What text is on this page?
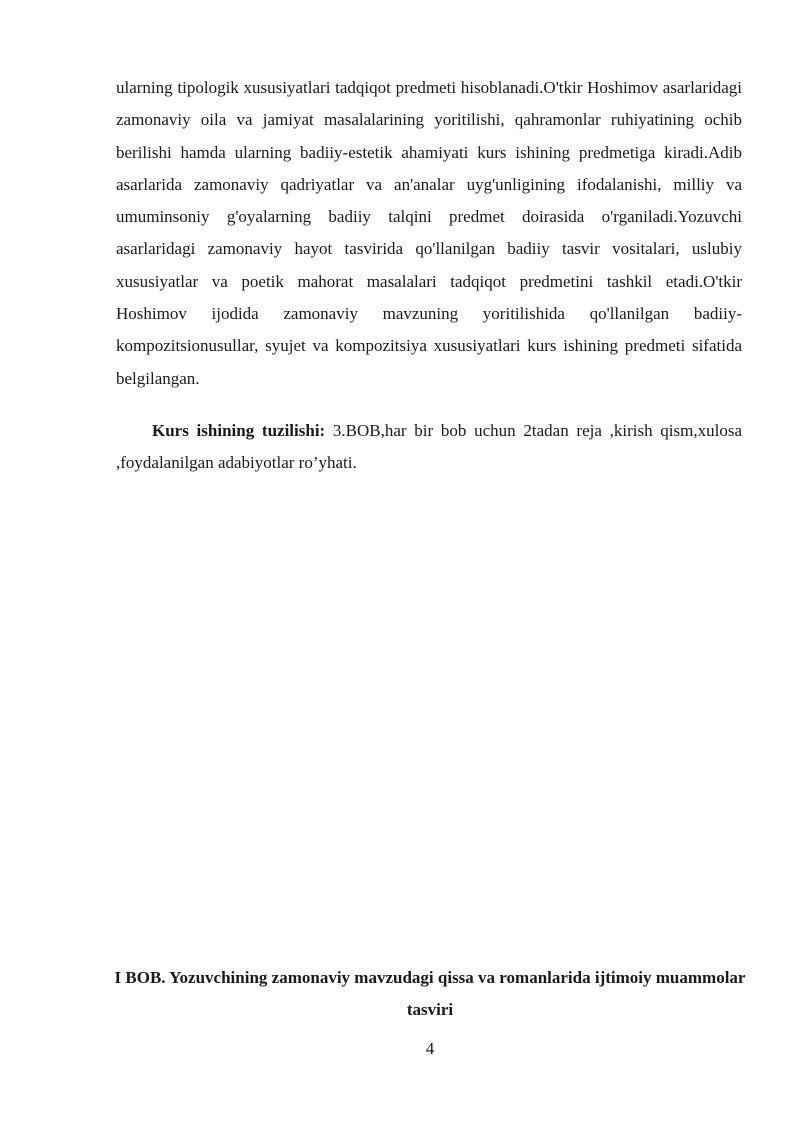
ularning tipologik xususiyatlari tadqiqot predmeti hisoblanadi.O'tkir Hoshimov asarlaridagi zamonaviy oila va jamiyat masalalarining yoritilishi, qahramonlar ruhiyatining ochib berilishi hamda ularning badiiy-estetik ahamiyati kurs ishining predmetiga kiradi.Adib asarlarida zamonaviy qadriyatlar va an'analar uyg'unligining ifodalanishi, milliy va umuminsoniy g'oyalarning badiiy talqini predmet doirasida o'rganiladi.Yozuvchi asarlaridagi zamonaviy hayot tasvirida qo'llanilgan badiiy tasvir vositalari, uslubiy xususiyatlar va poetik mahorat masalalari tadqiqot predmetini tashkil etadi.O'tkir Hoshimov ijodida zamonaviy mavzuning yoritilishida qo'llanilgan badiiy-kompozitsionusullar, syujet va kompozitsiya xususiyatlari kurs ishining predmeti sifatida belgilangan.

Kurs ishining tuzilishi: 3.BOB,har bir bob uchun 2tadan reja ,kirish qism,xulosa ,foydalanilgan adabiyotlar ro’yhati.

I BOB. Yozuvchining zamonaviy mavzudagi qissa va romanlarida ijtimoiy muammolar tasviri
4
